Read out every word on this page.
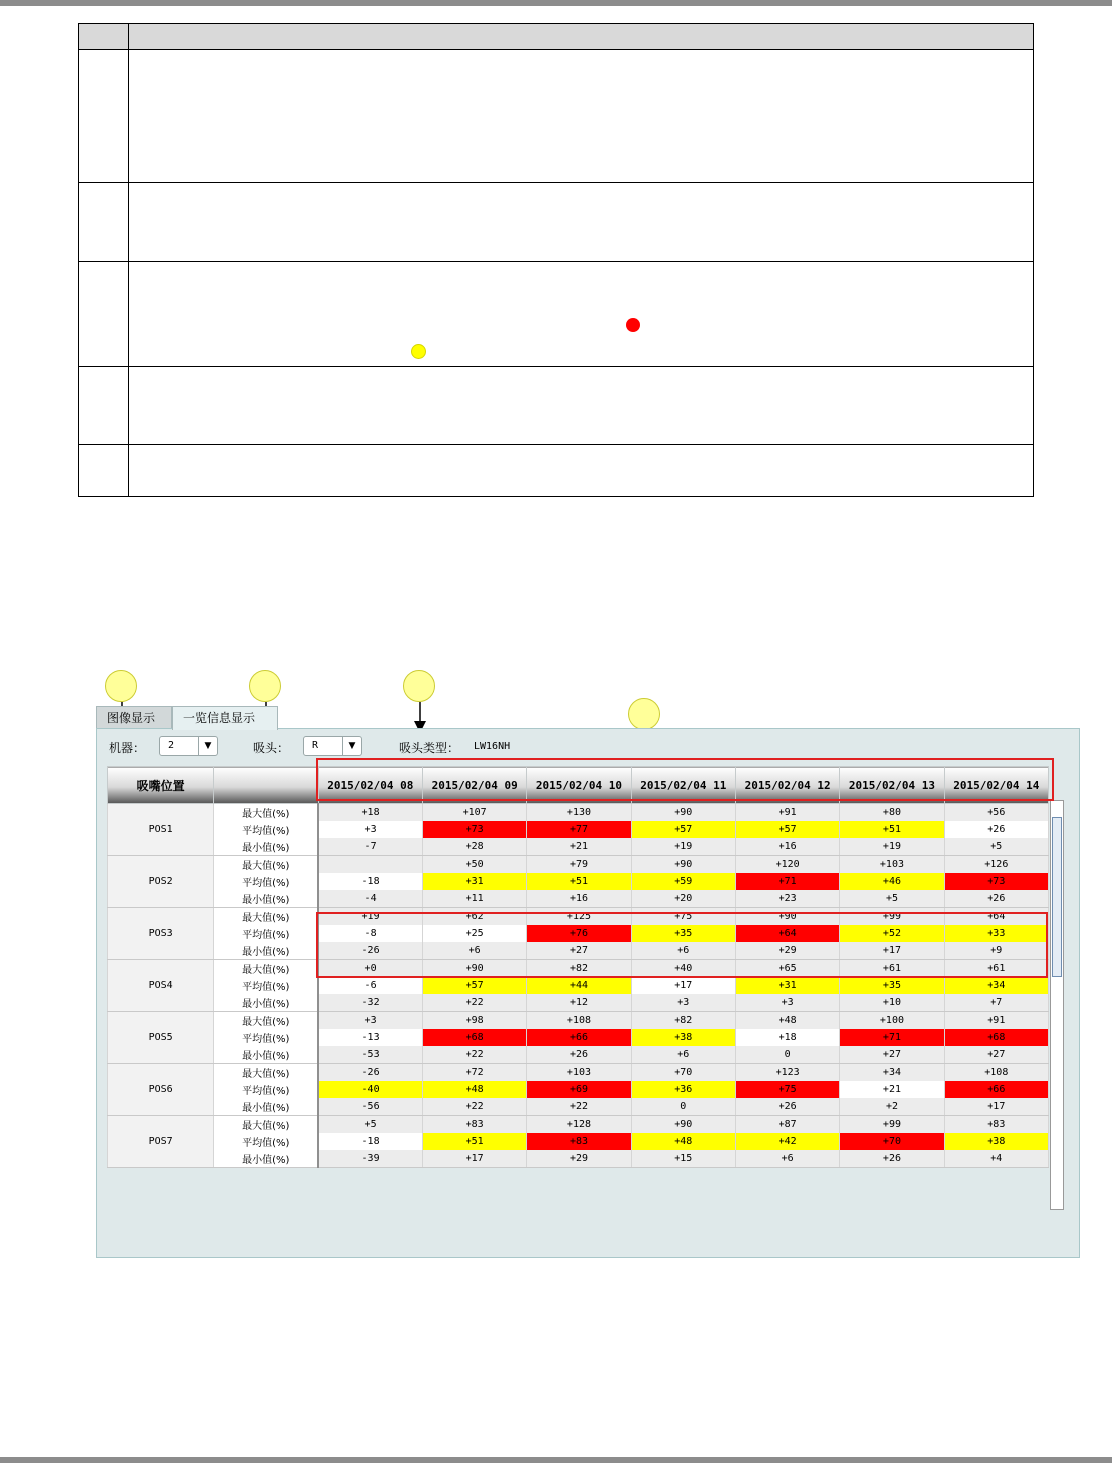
图像显示	一览信息显示
机器： 2	▼	吸头： R	▼	吸头类型： LW16NH
吸嘴位置		2015/02/04 08	2015/02/04 09	2015/02/04 10	2015/02/04 11	2015/02/04 12	2015/02/04 13	2015/02/04 14
POS1	最大值(%)	+18	+107	+130	+90	+91	+80	+56
	平均值(%)	+3	+73	+77	+57	+57	+51	+26
	最小值(%)	-7	+28	+21	+19	+16	+19	+5
POS2	最大值(%)		+50	+79	+90	+120	+103	+126
	平均值(%)	-18	+31	+51	+59	+71	+46	+73
	最小值(%)	-4	+11	+16	+20	+23	+5	+26
POS3	最大值(%)	+19	+62	+125	+75	+90	+99	+64
	平均值(%)	-8	+25	+76	+35	+64	+52	+33
	最小值(%)	-26	+6	+27	+6	+29	+17	+9
POS4	最大值(%)	+0	+90	+82	+40	+65	+61	+61
	平均值(%)	-6	+57	+44	+17	+31	+35	+34
	最小值(%)	-32	+22	+12	+3	+3	+10	+7
POS5	最大值(%)	+3	+98	+108	+82	+48	+100	+91
	平均值(%)	-13	+68	+66	+38	+18	+71	+68
	最小值(%)	-53	+22	+26	+6	0	+27	+27
POS6	最大值(%)	-26	+72	+103	+70	+123	+34	+108
	平均值(%)	-40	+48	+69	+36	+75	+21	+66
	最小值(%)	-56	+22	+22	0	+26	+2	+17
POS7	最大值(%)	+5	+83	+128	+90	+87	+99	+83
	平均值(%)	-18	+51	+83	+48	+42	+70	+38
	最小值(%)	-39	+17	+29	+15	+6	+26	+4
